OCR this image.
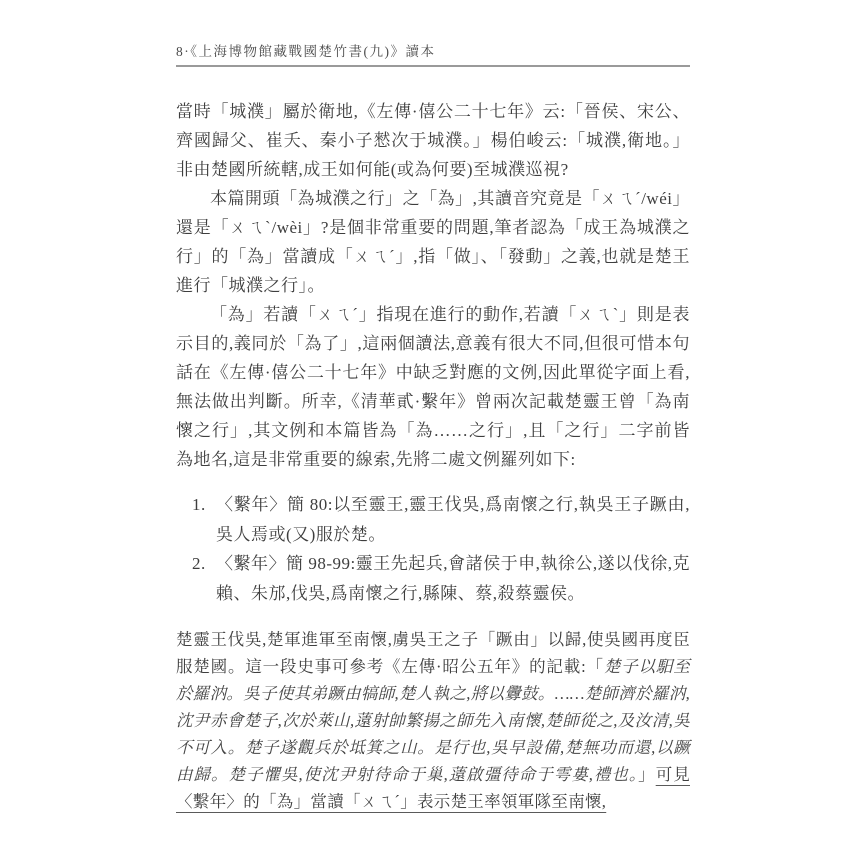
8·《上海博物館藏戰國楚竹書(九)》讀本

當時「城濮」屬於衛地,《左傳·僖公二十七年》云:「晉侯、宋公、齊國歸父、崔夭、秦小子憖次于城濮。」楊伯峻云:「城濮,衛地。」非由楚國所統轄,成王如何能(或為何要)至城濮巡視?

本篇開頭「為城濮之行」之「為」,其讀音究竟是「ㄨㄟˊ/wéi」還是「ㄨㄟˋ/wèi」?是個非常重要的問題,筆者認為「成王為城濮之行」的「為」當讀成「ㄨㄟˊ」,指「做」、「發動」之義,也就是楚王進行「城濮之行」。

「為」若讀「ㄨㄟˊ」指現在進行的動作,若讀「ㄨㄟˋ」則是表示目的,義同於「為了」,這兩個讀法,意義有很大不同,但很可惜本句話在《左傳·僖公二十七年》中缺乏對應的文例,因此單從字面上看,無法做出判斷。所幸,《清華貳·繫年》曾兩次記載楚靈王曾「為南懷之行」,其文例和本篇皆為「為……之行」,且「之行」二字前皆為地名,這是非常重要的線索,先將二處文例羅列如下:

1. 〈繫年〉簡 80:以至靈王,靈王伐吳,爲南懷之行,執吳王子蹶由,吳人焉或(又)服於楚。
2. 〈繫年〉簡 98-99:靈王先起兵,會諸侯于申,執徐公,遂以伐徐,克賴、朱邡,伐吳,爲南懷之行,縣陳、蔡,殺蔡靈侯。

楚靈王伐吳,楚軍進軍至南懷,虜吳王之子「蹶由」以歸,使吳國再度臣服楚國。這一段史事可參考《左傳·昭公五年》的記載:「楚子以馹至於羅汭。吳子使其弟蹶由犒師,楚人執之,將以釁鼓。……楚師濟於羅汭,沈尹赤會楚子,次於萊山,薳射帥繁揚之師先入南懷,楚師從之,及汝清,吳不可入。楚子遂觀兵於坻箕之山。是行也,吳早設備,楚無功而還,以蹶由歸。楚子懼吳,使沈尹射待命于巢,薳啟彊待命于雩婁,禮也。」可見〈繫年〉的「為」當讀「ㄨㄟˊ」表示楚王率領軍隊至南懷,
